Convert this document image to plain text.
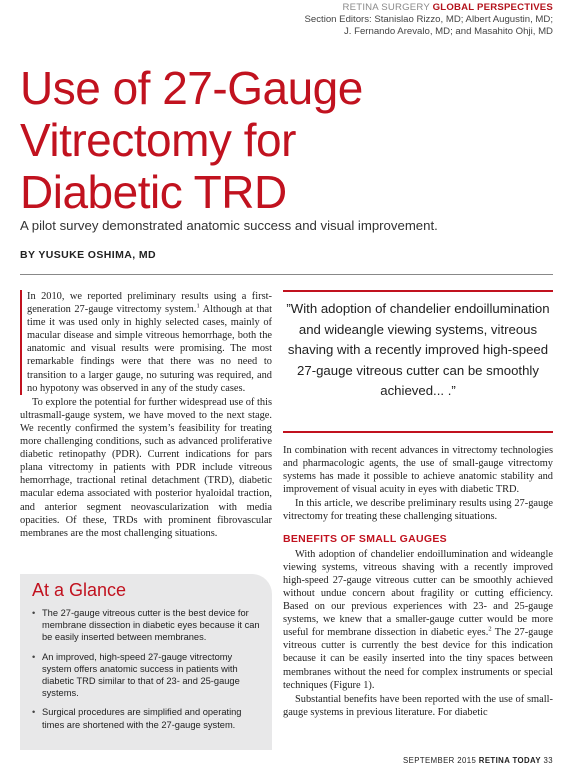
RETINA SURGERY GLOBAL PERSPECTIVES
Section Editors: Stanislao Rizzo, MD; Albert Augustin, MD;
J. Fernando Arevalo, MD; and Masahito Ohji, MD
Use of 27-Gauge
Vitrectomy for
Diabetic TRD
A pilot survey demonstrated anatomic success and visual improvement.
BY YUSUKE OSHIMA, MD

In 2010, we reported preliminary results using a first-generation 27-gauge vitrectomy system.$^1$ Although at that time it was used only in highly selected cases, mainly of macular disease and simple vitreous hemorrhage, both the anatomic and visual results were promising. The most remarkable findings were that there was no need to transition to a larger gauge, no suturing was required, and no hypotony was observed in any of the study cases.

To explore the potential for further widespread use of this ultrasmall-gauge system, we have moved to the next stage. We recently confirmed the system’s feasibility for treating more challenging conditions, such as advanced proliferative diabetic retinopathy (PDR). Current indications for pars plana vitrectomy in patients with PDR include vitreous hemorrhage, tractional retinal detachment (TRD), diabetic macular edema associated with posterior hyaloidal traction, and anterior segment neovascularization with media opacities. Of these, TRDs with prominent fibrovascular membranes are the most challenging situations.

”With adoption of chandelier endoillumination and wideangle viewing systems, vitreous shaving with a recently improved high-speed 27-gauge vitreous cutter can be smoothly achieved... .”

In combination with recent advances in vitrectomy technologies and pharmacologic agents, the use of small-gauge vitrectomy systems has made it possible to achieve anatomic stability and improvement of visual acuity in eyes with diabetic TRD.

In this article, we describe preliminary results using 27-gauge vitrectomy for treating these challenging situations.

BENEFITS OF SMALL GAUGES

With adoption of chandelier endoillumination and wideangle viewing systems, vitreous shaving with a recently improved high-speed 27-gauge vitreous cutter can be smoothly achieved without undue concern about fragility or cutting efficiency. Based on our previous experiences with 23- and 25-gauge systems, we knew that a smaller-gauge cutter would be more useful for membrane dissection in diabetic eyes.$^2$ The 27-gauge vitreous cutter is currently the best device for this indication because it can be easily inserted into the tiny spaces between membranes without the need for complex instruments or special techniques (Figure 1).

Substantial benefits have been reported with the use of small-gauge systems in previous literature. For diabetic

At a Glance
• The 27-gauge vitreous cutter is the best device for membrane dissection in diabetic eyes because it can be easily inserted between membranes.
• An improved, high-speed 27-gauge vitrectomy system offers anatomic success in patients with diabetic TRD similar to that of 23- and 25-gauge systems.
• Surgical procedures are simplified and operating times are shortened with the 27-gauge system.
SEPTEMBER 2015 RETINA TODAY 33
